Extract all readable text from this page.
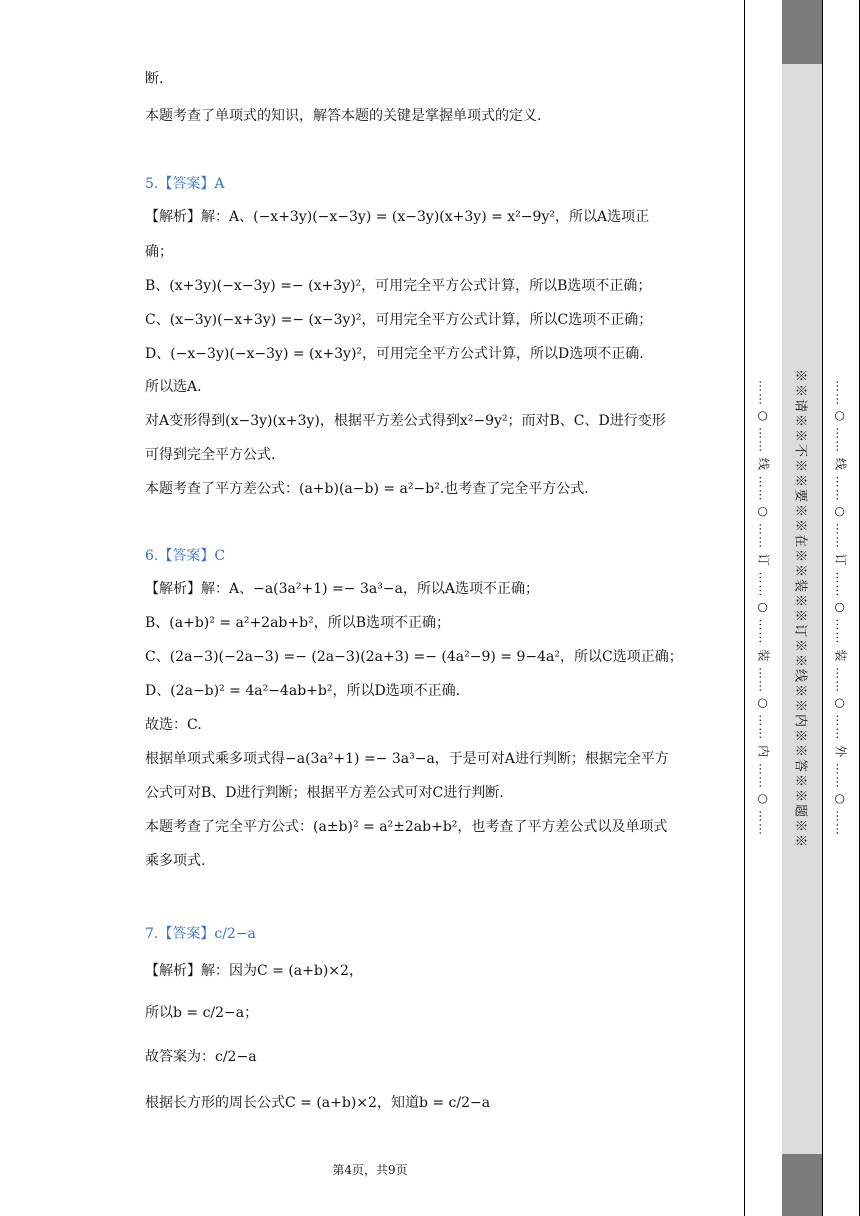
断.
本题考查了单项式的知识，解答本题的关键是掌握单项式的定义.
5.【答案】A
【解析】解：A、(−x+3y)(−x−3y) = (x−3y)(x+3y) = x²−9y²，所以A选项正
确；
B、(x+3y)(−x−3y) =− (x+3y)²，可用完全平方公式计算，所以B选项不正确；
C、(x−3y)(−x+3y) =− (x−3y)²，可用完全平方公式计算，所以C选项不正确；
D、(−x−3y)(−x−3y) = (x+3y)²，可用完全平方公式计算，所以D选项不正确.
所以选A.
对A变形得到(x−3y)(x+3y)，根据平方差公式得到x²−9y²；而对B、C、D进行变形
可得到完全平方公式.
本题考查了平方差公式：(a+b)(a−b) = a²−b².也考查了完全平方公式.
6.【答案】C
【解析】解：A、−a(3a²+1) =− 3a³−a，所以A选项不正确；
B、(a+b)² = a²+2ab+b²，所以B选项不正确；
C、(2a−3)(−2a−3) =− (2a−3)(2a+3) =− (4a²−9) = 9−4a²，所以C选项正确；
D、(2a−b)² = 4a²−4ab+b²，所以D选项不正确.
故选：C.
根据单项式乘多项式得−a(3a²+1) =− 3a³−a，于是可对A进行判断；根据完全平方
公式可对B、D进行判断；根据平方差公式可对C进行判断.
本题考查了完全平方公式：(a±b)² = a²±2ab+b²，也考查了平方差公式以及单项式
乘多项式.
7.【答案】c/2−a
【解析】解：因为C = (a+b)×2，
所以b = c/2−a；
故答案为：c/2−a
根据长方形的周长公式C = (a+b)×2，知道b = c/2−a
第4页，共9页
…… ○ …… 线 …… ○ …… 订 …… ○ …… 装 …… ○ …… 内 …… ○ …… ※※请※※不※※要※※在※※装※※订※※线※※内※※答※※题※※	…… ○ …… 线 …… ○ …… 订 …… ○ …… 装 …… ○ …… 外 …… ○ ……
